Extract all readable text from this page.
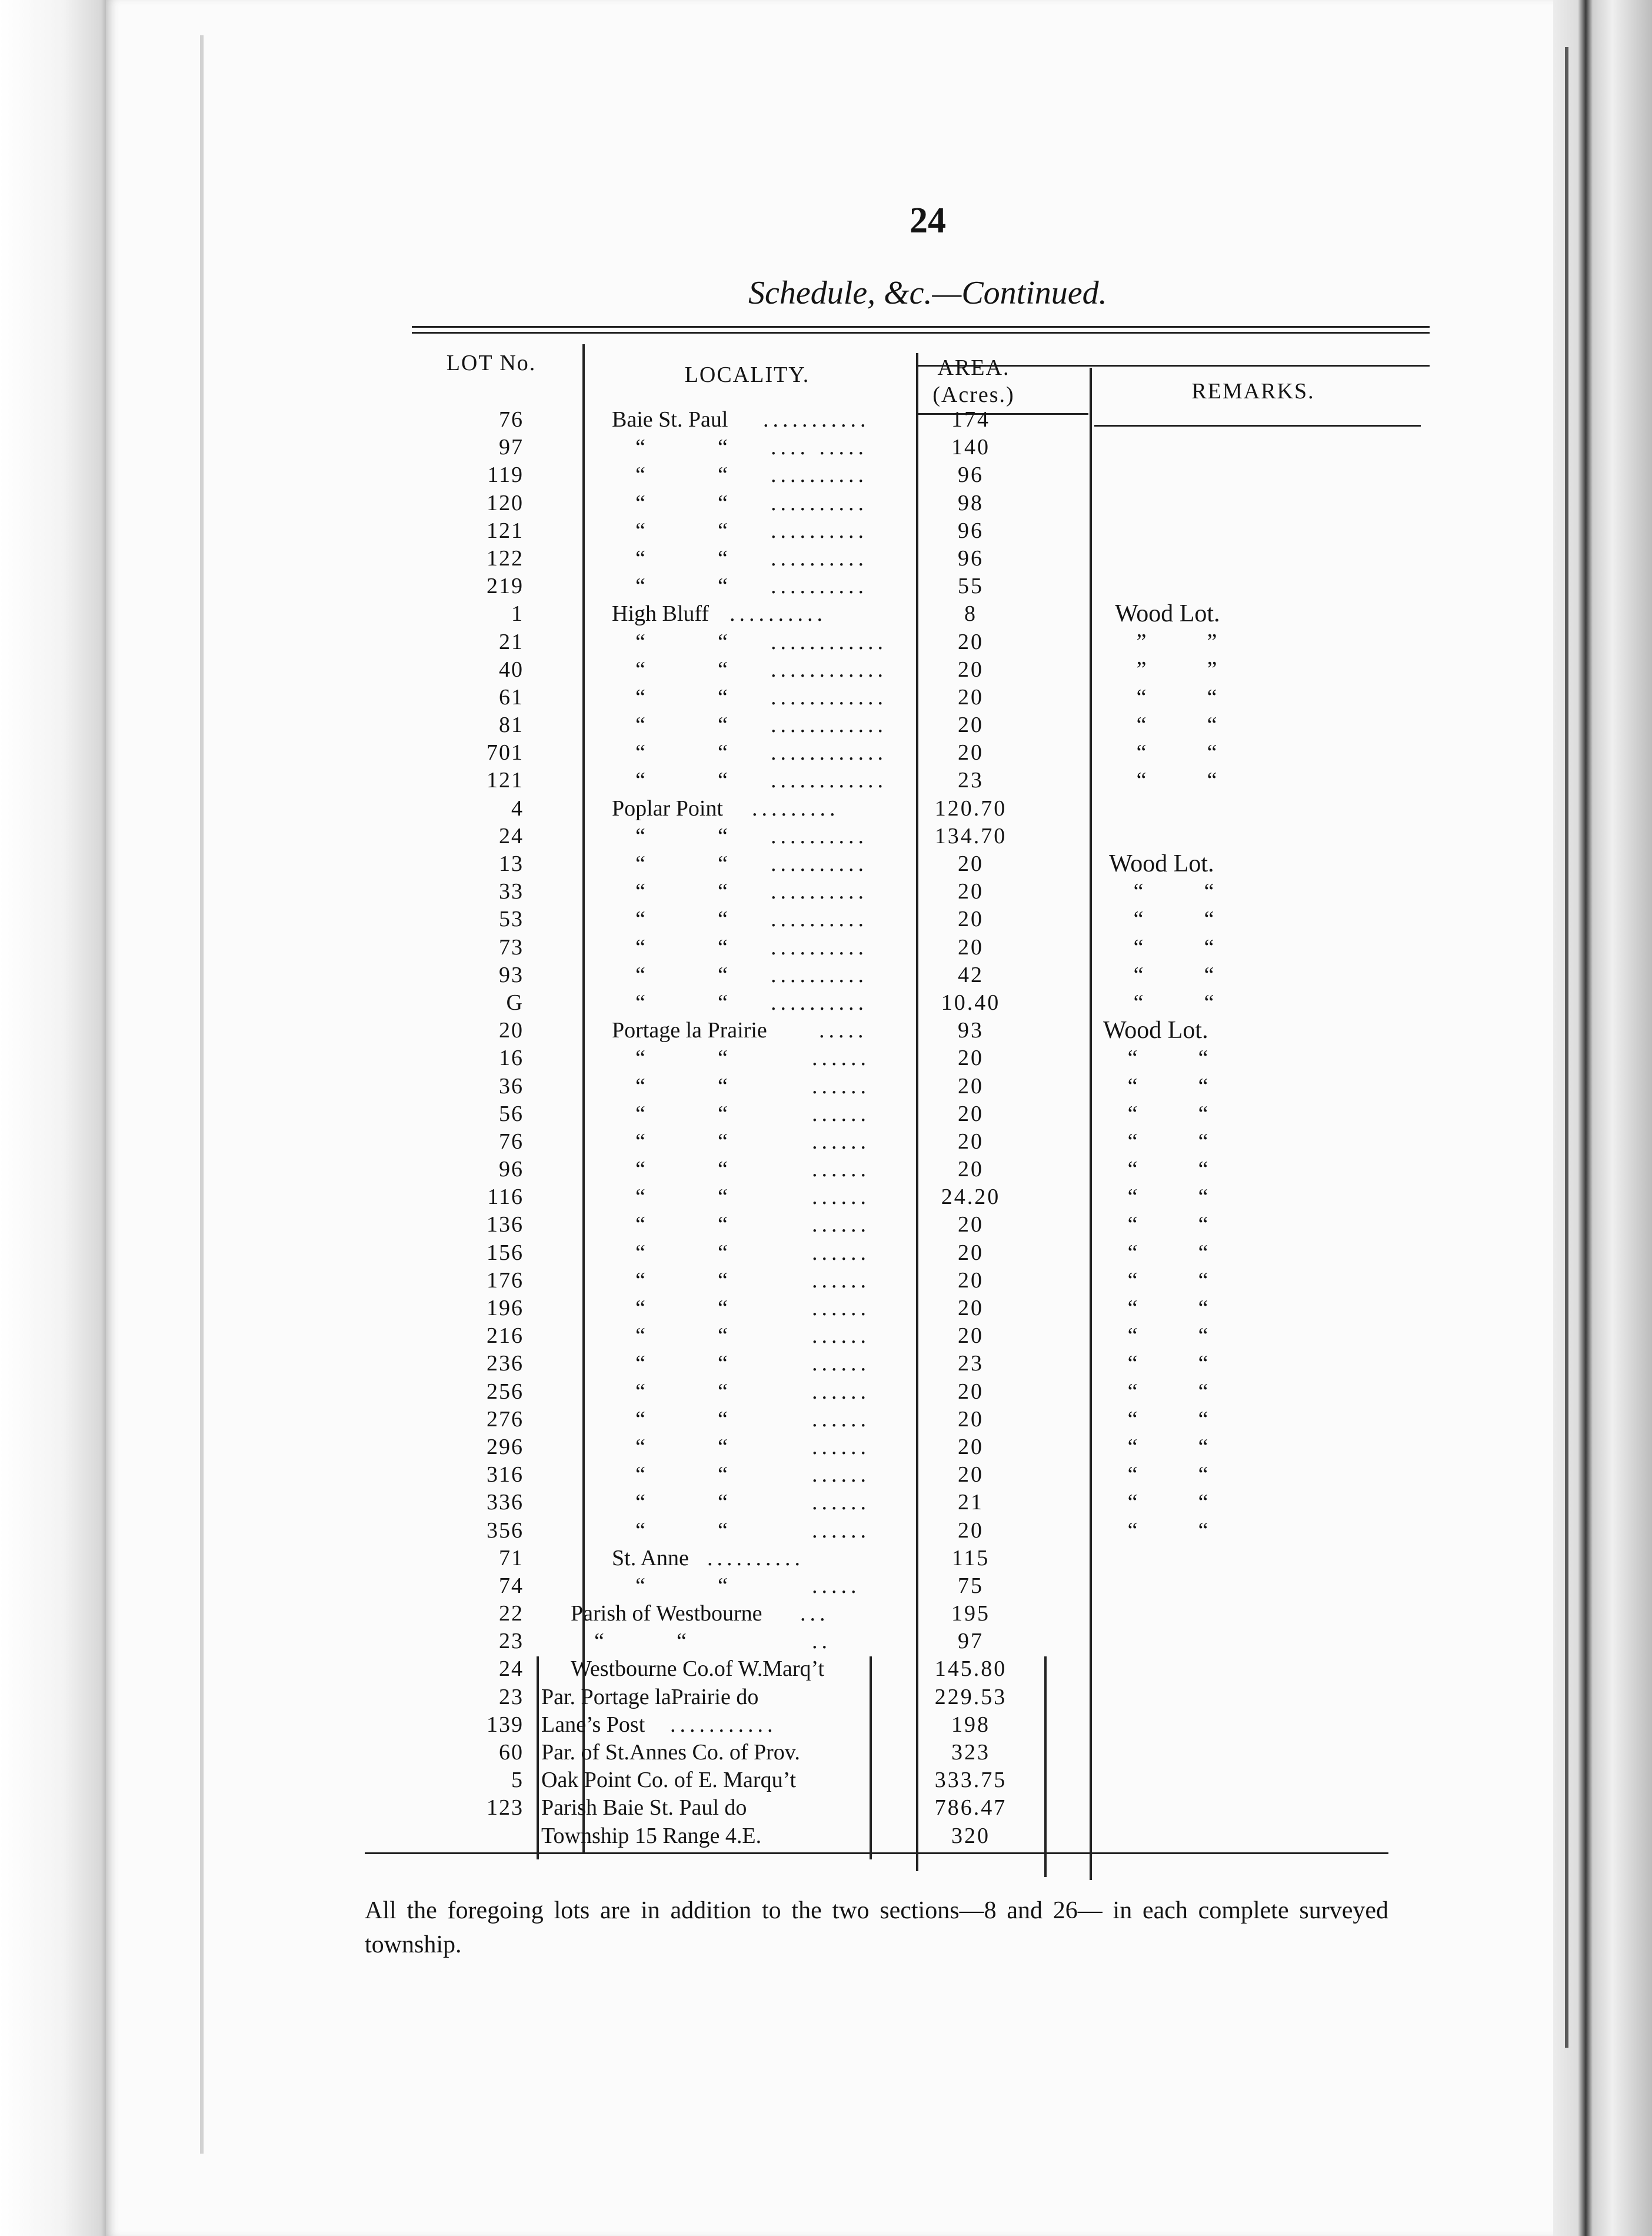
24
Schedule, &c.—Continued.
LOT No.	LOCALITY.	AREA.
(Acres.)	REMARKS.
76	Baie St. Paul ...........	174
97	“	“ .... .....	140
119	“	“ ..........	96
120	“	“ ..........	98
121	“	“ ..........	96
122	“	“ ..........	96
219	“	“ ..........	55
1	High Bluff ..........	8	Wood Lot.
21	“	“ ............	20	”	”
40	“	“ ............	20	”	”
61	“	“ ............	20	“	“
81	“	“ ............	20	“	“
701	“	“ ............	20	“	“
121	“	“ ............	23	“	“
4	Poplar Point .........	120.70
24	“	“ ..........	134.70
13	“	“ ..........	20	Wood Lot.
33	“	“ ..........	20	“	“
53	“	“ ..........	20	“	“
73	“	“ ..........	20	“	“
93	“	“ ..........	42	“	“
G	“	“ ..........	10.40	“	“
20	Portage la Prairie .....	93	Wood Lot.
16	“	“	......	20	“	“
36	“	“	......	20	“	“
56	“	“	......	20	“	“
76	“	“	......	20	“	“
96	“	“	......	20	“	“
116	“	“	......	24.20	“	“
136	“	“	......	20	“	“
156	“	“	......	20	“	“
176	“	“	......	20	“	“
196	“	“	......	20	“	“
216	“	“	......	20	“	“
236	“	“	......	23	“	“
256	“	“	......	20	“	“
276	“	“	......	20	“	“
296	“	“	......	20	“	“
316	“	“	......	20	“	“
336	“	“	......	21	“	“
356	“	“	......	20	“	“
71	St. Anne ..........	115
74	“	“	.....	75
22 Parish of Westbourne ...	195
23	“	“	..	97
24 Westbourne Co.of W.Marq’t	145.80
23 Par. Portage laPrairie do	229.53
139 Lane’s Post ...........	198
60 Par. of St.Annes Co. of Prov.	323
5 Oak Point Co. of E. Marqu’t	333.75
123 Parish Baie St. Paul do	786.47
Township 15 Range 4.E.	320
All the foregoing lots are in addition to the two sections—8 and 26— in each complete surveyed township.
